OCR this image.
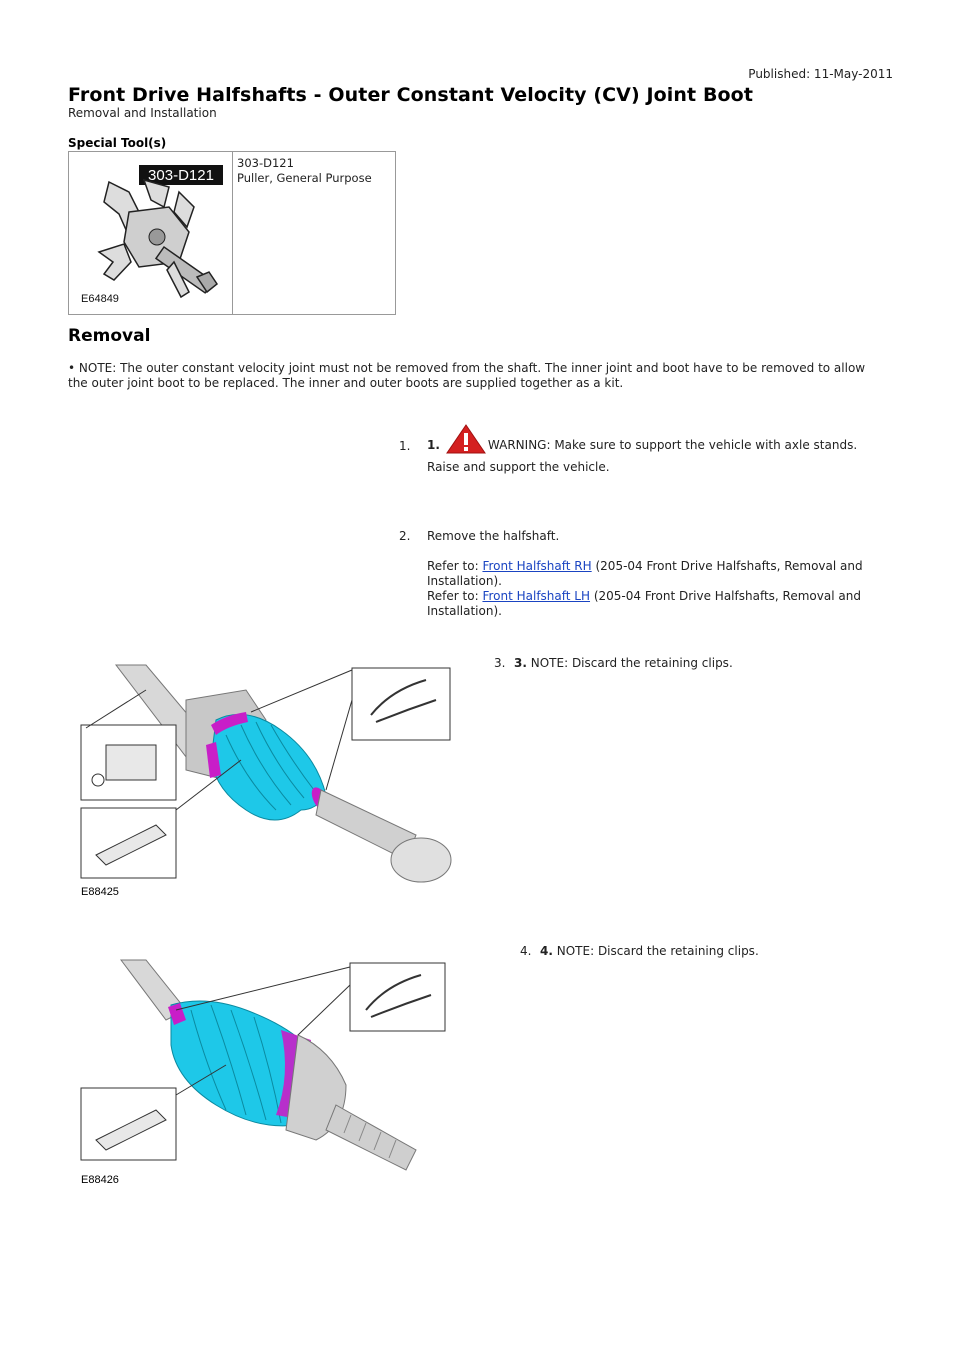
Published: 11-May-2011
Front Drive Halfshafts - Outer Constant Velocity (CV) Joint Boot
Removal and Installation
Special Tool(s)
303-D121
E64849
303-D121
Puller, General Purpose
Removal
• NOTE: The outer constant velocity joint must not be removed from the shaft. The inner joint and boot have to be removed to allow the outer joint boot to be replaced. The inner and outer boots are supplied together as a kit.
1. 1.	WARNING: Make sure to support the vehicle with axle stands.
Raise and support the vehicle.
2. Remove the halfshaft.
Refer to: Front Halfshaft RH (205-04 Front Drive Halfshafts, Removal and Installation).
Refer to: Front Halfshaft LH (205-04 Front Drive Halfshafts, Removal and Installation).
3. 3. NOTE: Discard the retaining clips.
E88425
4. 4. NOTE: Discard the retaining clips.
E88426
